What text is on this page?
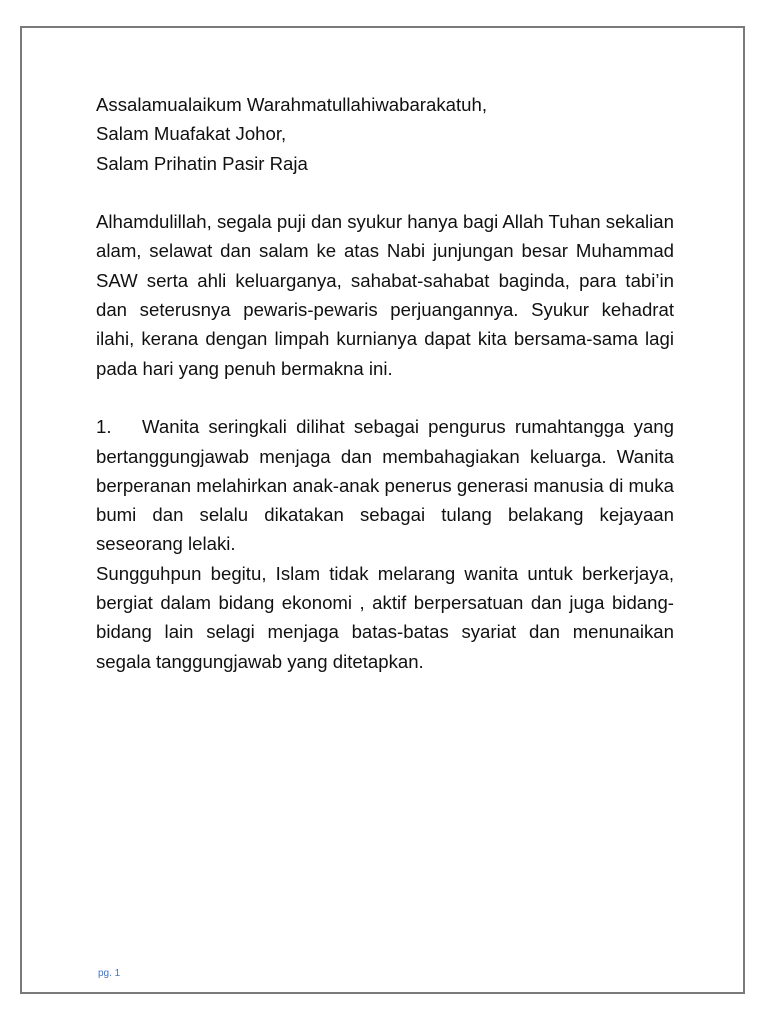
Assalamualaikum Warahmatullahiwabarakatuh,
Salam Muafakat Johor,
Salam Prihatin Pasir Raja

Alhamdulillah, segala puji dan syukur hanya bagi Allah Tuhan sekalian alam, selawat dan salam ke atas Nabi junjungan besar Muhammad SAW serta ahli keluarganya, sahabat-sahabat baginda, para tabi’in dan seterusnya pewaris-pewaris perjuangannya. Syukur kehadrat ilahi, kerana dengan limpah kurnianya dapat kita bersama-sama lagi pada hari yang penuh bermakna ini.

1. Wanita seringkali dilihat sebagai pengurus rumahtangga yang bertanggungjawab menjaga dan membahagiakan keluarga. Wanita berperanan melahirkan anak-anak penerus generasi manusia di muka bumi dan selalu dikatakan sebagai tulang belakang kejayaan seseorang lelaki.

Sungguhpun begitu, Islam tidak melarang wanita untuk berkerjaya, bergiat dalam bidang ekonomi , aktif berpersatuan dan juga bidang-bidang lain selagi menjaga batas-batas syariat dan menunaikan segala tanggungjawab yang ditetapkan.

pg. 1
